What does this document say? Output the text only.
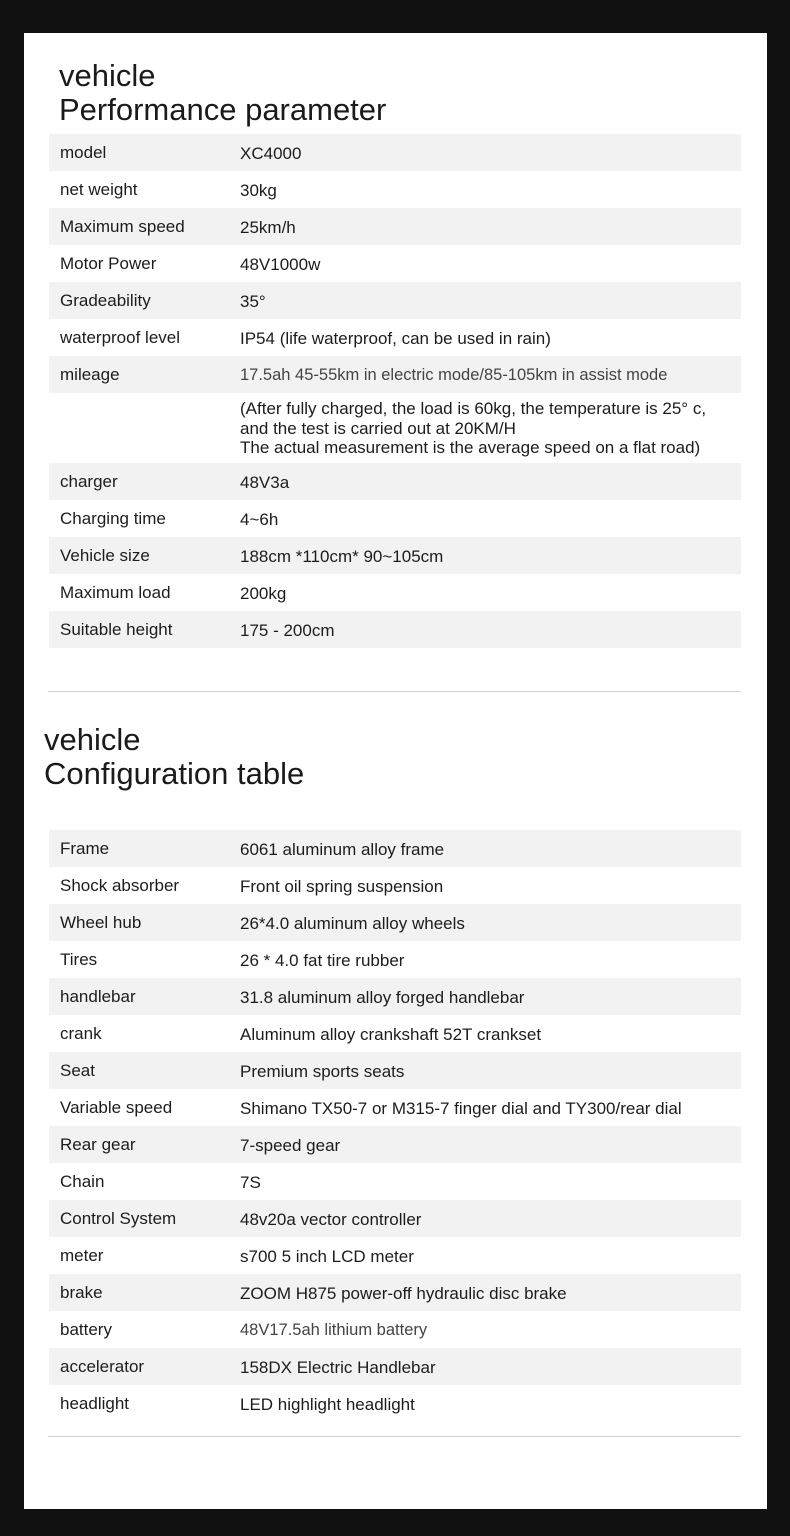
vehicle
Performance parameter
model	XC4000
net weight	30kg
Maximum speed	25km/h
Motor Power	48V1000w
Gradeability	35°
waterproof level	IP54 (life waterproof, can be used in rain)
mileage	17.5ah 45-55km in electric mode/85-105km in assist mode
(After fully charged, the load is 60kg, the temperature is 25° c,
and the test is carried out at 20KM/H
The actual measurement is the average speed on a flat road)
charger	48V3a
Charging time	4~6h
Vehicle size	188cm *110cm* 90~105cm
Maximum load	200kg
Suitable height	175 - 200cm
vehicle
Configuration table
Frame	6061 aluminum alloy frame
Shock absorber	Front oil spring suspension
Wheel hub	26*4.0 aluminum alloy wheels
Tires	26 * 4.0 fat tire rubber
handlebar	31.8 aluminum alloy forged handlebar
crank	Aluminum alloy crankshaft 52T crankset
Seat	Premium sports seats
Variable speed	Shimano TX50-7 or M315-7 finger dial and TY300/rear dial
Rear gear	7-speed gear
Chain	7S
Control System	48v20a vector controller
meter	s700 5 inch LCD meter
brake	ZOOM H875 power-off hydraulic disc brake
battery	48V17.5ah lithium battery
accelerator	158DX Electric Handlebar
headlight	LED highlight headlight
